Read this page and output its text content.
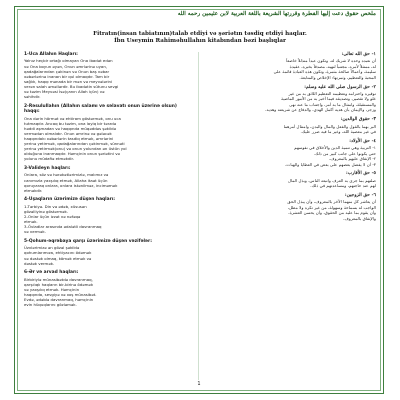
1
ملخص حقوق دعت إليها الفطرة وقررتها الشريعة باللغة العربية لابن عثيمين رحمه الله
Fitratın(insan tabiatının)talab etdiyi və şəriətın təsdiq etdiyi haqlar.
İbn Useymin Rahiməhullahın kitabından bəzi başlıqlar
1-Uca Allahın Haqları:
Yalnız heçbir ortağı olmayan Ona ibadət edən
və Ona boyun əyən, Onun əmrlərinə uyan,
qadağalarından çəkinən və Onun baş vəbar
xəbərlərinə inanan bir qul olmaqdır. Tam bir
sağlık, haqqı mənada bir mən və meyvələrini
verən salah əməllərdir. Bu ibadətin sütunu sevgi
və təzim Meyvəsi İsə(çanın Allah içün) və
səhihdir.
2-Rəsulullahın (Allahın salamı və səlavatı onun üzərinə olsun) haqqı:
Ona dərin hörmət və ehtiram göstərmək, onu uca
tutmaqdır. Ancaq bu təzim, ona layiq bir tərzdə
həddi aşmadan və haqqında müqəddəs şəkildə
vermədən olmalıdır. Onun əmrinə və gələcək
haqqındakı xəbərlərin tasdiq etmək, əmrlərini
yerinə yetirmək, qadağalarından çəkinmək, sünnəti
yerinə yetirmək(onu) və onun yolundan ən üstün yol
olduğuna inanmaqdır. Həmçinin onun şəriətini və
yolunu müdafiə etməkdir.
3-Valideyn haqları:
Onlara, söz və hərəkətlərimizlə, malımız və
canımızla yaxşılıq etmək, Allaha itaət üçün
qoruyaraq onlara, onlara istənilməz, inciməmək
etməkdir.
4-Uşaqların üzərimizə düşən haqları:
1-Tərbiyə. Din və ədəb, xüsusən
gözəlliyinə göstərmək.
2-Onlar üçün izzət və nəfəqə
etmək.
3-Övladlar arasında ədalətli davranmaq
və vermək.
5-Qohum-əqrəbaya qarşı üzərimizə düşən vəzifələr:
Üzvlərimizə ən gözəl şəkildə
qohumlarımıza, ehtiyacını ödəmək
və dəstək olmaq, kömək etmək və
dəstək vermək.
6-Ər və arvad haqları:
Birbiriylə münasibətdə davranmaq,
qarşılıqlı haqların bir-birinə ödəmək
və yaxşılıq etmək. Həmçinin
haqqında, sevgiyə və xoş münasibət.
Evdə, ədəblə davranmaq, həmçinin
evin hüquqlarını gözləmək.
١- حق الله تعالى:
أن نعبده وحده لا شريك له، وتكون عبداً متذللاً خاضعاً
له، ممتثلاً لأمره، مجتنباً لنهيه، مصدقاً بخبره، عقيدة
سليمة، وأعمالاً صالحة مثمرة، وتكون هذه العبادة قائمة على
المحبة والتعظيم، وثمرتها: الإخلاص والمتابعة.
٢- حق الرسول صلى الله عليه وسلم:
توقيره واحترامه وتعظيمه التعظيم اللائق به من غير
غلو ولا تقصير، وتصديقه فيما أخبر به من الأمور الماضية
والمستقبلة، وامتثال ما به أمر، واجتناب ما عنه نهى
وزجر، والإيمان بأن هديه أكمل الهدي، والدفاع عن شريعته وهديه.
٣- حقوق الوالدين:
البر بهما بالقول والفعل والمال والبدن، وامتثال أمرهما
في غير معصية الله، وغير ما فيه ضرر عليك.
٤- حق الأولاد:
١- التربية وهي تنمية الدين والأخلاق في نفوسهم
حتى يكونوا على جانب كبير من ذلك.
٢- الإنفاق عليهم بالمعروف.
٣- أن لا يفضل بعضهم على بعض في العطايا والهبات.
٥- حق الأقارب:
صلتهم بما جرى به العرف واتبعه الناس، وبذل المال
لهم عند حاجتهم، ومساعدتهم في ذلك.
٦- حق الزوجين:
أن يعاشر كل منهما الآخر بالمعروف، وأن يبذل الحق
الواجب له بسماحة وسهولة، من غير تكره ولا مطل،
وأن يقوم بما عليه من الحقوق، وأن يحسن العشرة،
والإنفاق بالمعروف.
